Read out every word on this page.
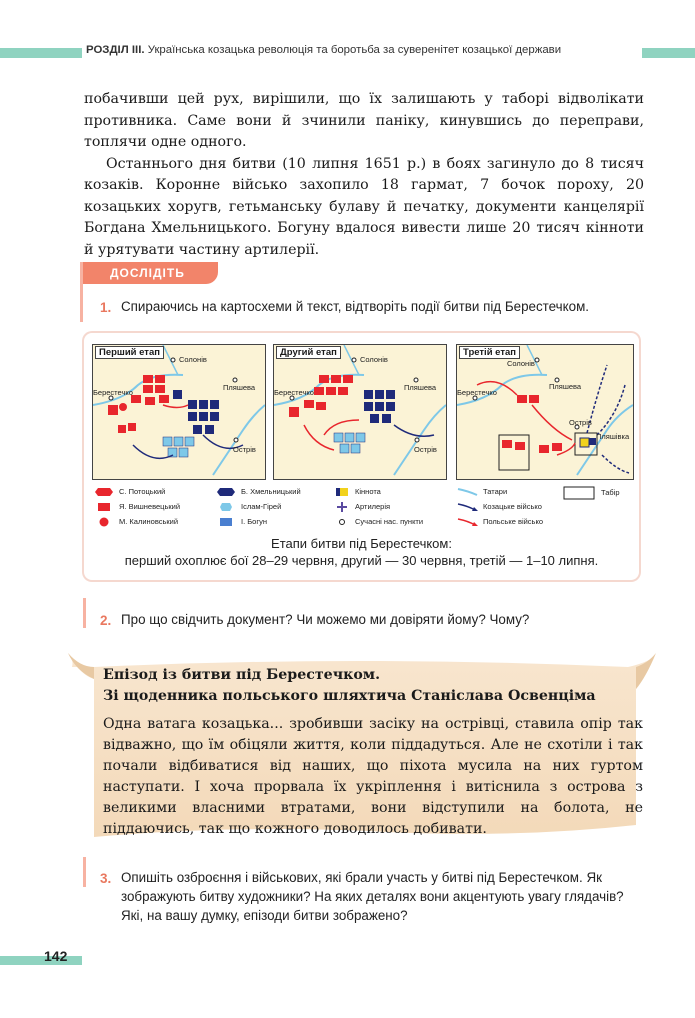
РОЗДІЛ III. Українська козацька революція та боротьба за суверенітет козацької держави

побачивши цей рух, вирішили, що їх залишають у таборі відволікати противника. Саме вони й зчинили паніку, кинувшись до переправи, топлячи одне одного.

Останнього дня битви (10 липня 1651 р.) в боях загинуло до 8 тисяч козаків. Коронне військо захопило 18 гармат, 7 бочок пороху, 20 козацьких хоругв, гетьманську булаву й печатку, документи канцелярії Богдана Хмельницького. Богуну вдалося вивести лише 20 тисяч кінноти й урятувати частину артилерії.

ДОСЛІДІТЬ
1. Спираючись на картосхеми й текст, відтворіть події битви під Берестечком.
Перший етап
Солонів
Пляшева
Берестечко
Острів
Другий етап
Солонів
Пляшева
Берестечко
Острів
Третій етап
Солонів
Пляшева
Берестечко
Острів
Пляшівка
С. Потоцький
Я. Вишневецький
М. Калиновський
Б. Хмельницький
Іслам-Гірей
І. Богун
Кіннота
Артилерія
Сучасні нас. пункти
Татари
Козацьке військо
Польське військо
Табір
Етапи битви під Берестечком:
перший охоплює бої 28–29 червня, другий — 30 червня, третій — 1–10 липня.
2. Про що свідчить документ? Чи можемо ми довіряти йому? Чому?
Епізод із битви під Берестечком.
Зі щоденника польського шляхтича Станіслава Освенціма
Одна ватага козацька... зробивши засіку на острівці, ставила опір так відважно, що їм обіцяли життя, коли піддадуться. Але не схотіли і так почали відбиватися від наших, що піхота мусила на них гуртом наступати. І хоча прорвала їх укріплення і витіснила з острова з великими власними втратами, вони відступили на болота, не піддаючись, так що кожного доводилось добивати.
3. Опишіть озброєння і військових, які брали участь у битві під Берестечком. Як зображують битву художники? На яких деталях вони акцентують увагу глядачів? Які, на вашу думку, епізоди битви зображено?
142
